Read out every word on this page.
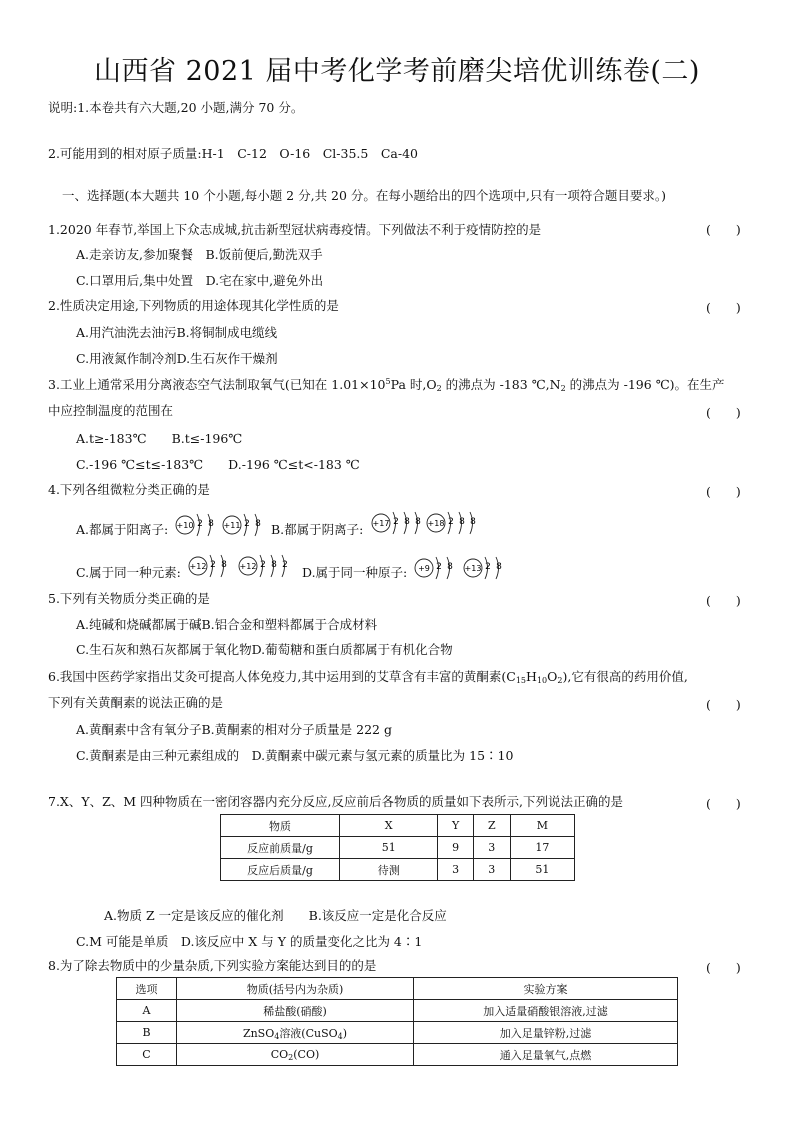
山西省 2021 届中考化学考前磨尖培优训练卷(二)
说明:1.本卷共有六大题,20 小题,满分 70 分。
2.可能用到的相对原子质量:H-1　C-12　O-16　Cl-35.5　Ca-40
一、选择题(本大题共 10 个小题,每小题 2 分,共 20 分。在每小题给出的四个选项中,只有一项符合题目要求。)
1.2020 年春节,举国上下众志成城,抗击新型冠状病毒疫情。下列做法不利于疫情防控的是	(　　)
A.走亲访友,参加聚餐　B.饭前便后,勤洗双手
C.口罩用后,集中处置　D.宅在家中,避免外出
2.性质决定用途,下列物质的用途体现其化学性质的是	(　　)
A.用汽油洗去油污B.将铜制成电缆线
C.用液氮作制冷剂D.生石灰作干燥剂
3.工业上通常采用分离液态空气法制取氧气(已知在 $1.01\times 10^5Pa$ 时$,O_2$ 的沸点为 -183 $℃,N_2$ 的沸点为 -196 ℃)。在生产
中应控制温度的范围在	(　　)
A.t≥-183℃　　B.t≤-196℃
C.-196 ℃≤t≤-183℃　　D.-196 ℃≤t<-183 ℃
4.下列各组微粒分类正确的是	(　　)
A.都属于阳离子:	B.都属于阴离子:
C.属于同一种元素:	D.属于同一种原子:
+10 2 8 +11 2 8	+17 2 8 8 +18 2 8 8
+12 2 8 +12 2 8 2	+9 2 8 +13 2 8
5.下列有关物质分类正确的是	(　　)
A.纯碱和烧碱都属于碱B.铝合金和塑料都属于合成材料
C.生石灰和熟石灰都属于氧化物D.葡萄糖和蛋白质都属于有机化合物
6.我国中医药学家指出艾灸可提高人体免疫力,其中运用到的艾草含有丰富的黄酮素$(C_{15}H_{10}O_2)$,它有很高的药用价值,
下列有关黄酮素的说法正确的是	(　　)
A.黄酮素中含有氧分子B.黄酮素的相对分子质量是 222 g
C.黄酮素是由三种元素组成的　D.黄酮素中碳元素与氢元素的质量比为 15∶10
7.X、Y、Z、M 四种物质在一密闭容器内充分反应,反应前后各物质的质量如下表所示,下列说法正确的是	(　　)
物质	X	Y	Z	M
反应前质量/g	51	9	3	17
反应后质量/g	待测	3	3	51
A.物质 Z 一定是该反应的催化剂　　B.该反应一定是化合反应
C.M 可能是单质　D.该反应中 X 与 Y 的质量变化之比为 4∶1
8.为了除去物质中的少量杂质,下列实验方案能达到目的的是	(　　)
选项	物质(括号内为杂质)	实验方案
A	稀盐酸(硝酸)	加入适量硝酸银溶液,过滤
B	ZnSO$_4$溶液(CuSO$_4$)	加入足量锌粉,过滤
C	$CO_2(CO)$	通入足量氧气,点燃
